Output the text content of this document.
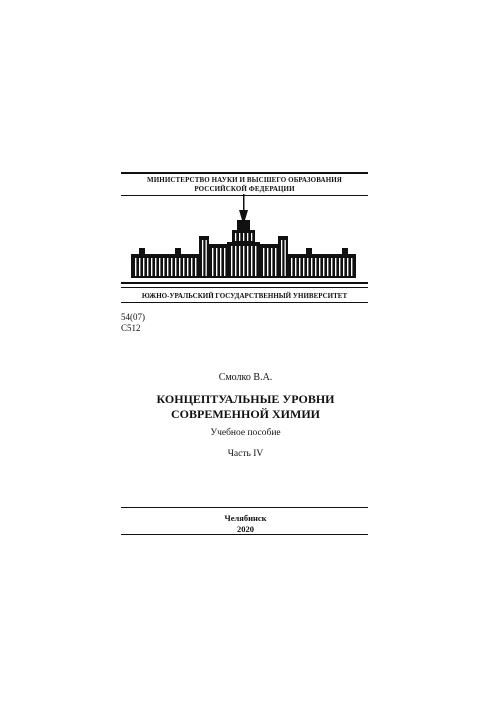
МИНИСТЕРСТВО НАУКИ И ВЫСШЕГО ОБРАЗОВАНИЯ
РОССИЙСКОЙ ФЕДЕРАЦИИ
ЮЖНО-УРАЛЬСКИЙ ГОСУДАРСТВЕННЫЙ УНИВЕРСИТЕТ
54(07)
С512
Смолко В.А.
КОНЦЕПТУАЛЬНЫЕ УРОВНИ
СОВРЕМЕННОЙ ХИМИИ
Учебное пособие
Часть IV
Челябинск
2020
